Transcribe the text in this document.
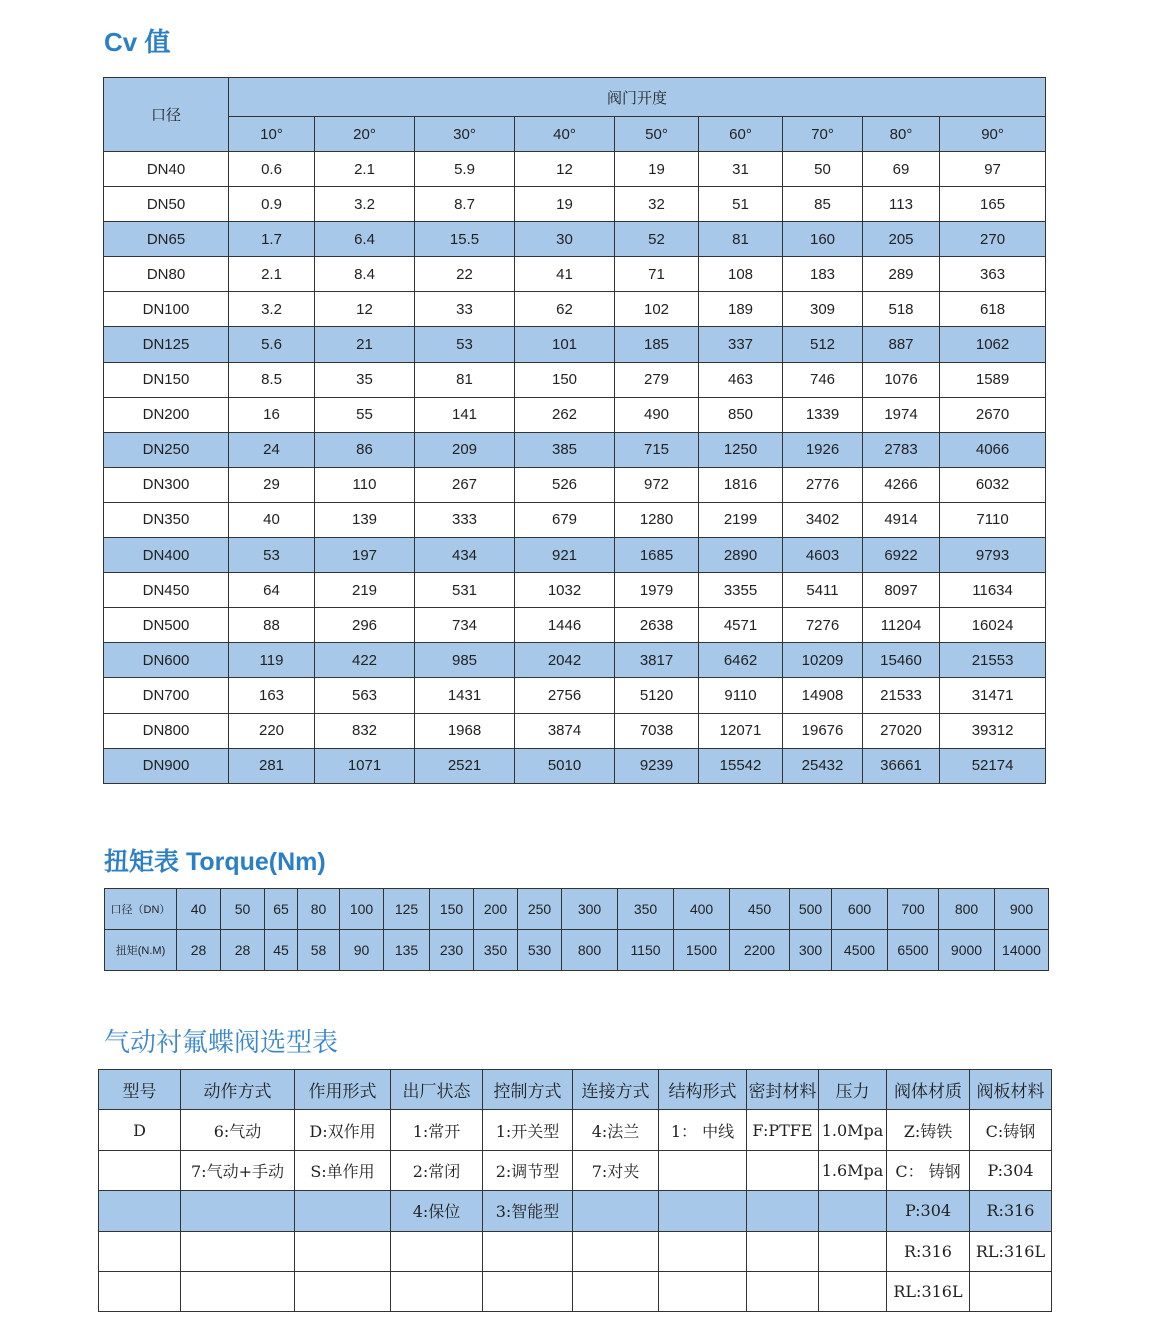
Cv 值
口径	阀门开度								
	10°	20°	30°	40°	50°	60°	70°	80°	90°
DN40	0.6	2.1	5.9	12	19	31	50	69	97
DN50	0.9	3.2	8.7	19	32	51	85	113	165
DN65	1.7	6.4	15.5	30	52	81	160	205	270
DN80	2.1	8.4	22	41	71	108	183	289	363
DN100	3.2	12	33	62	102	189	309	518	618
DN125	5.6	21	53	101	185	337	512	887	1062
DN150	8.5	35	81	150	279	463	746	1076	1589
DN200	16	55	141	262	490	850	1339	1974	2670
DN250	24	86	209	385	715	1250	1926	2783	4066
DN300	29	110	267	526	972	1816	2776	4266	6032
DN350	40	139	333	679	1280	2199	3402	4914	7110
DN400	53	197	434	921	1685	2890	4603	6922	9793
DN450	64	219	531	1032	1979	3355	5411	8097	11634
DN500	88	296	734	1446	2638	4571	7276	11204	16024
DN600	119	422	985	2042	3817	6462	10209	15460	21553
DN700	163	563	1431	2756	5120	9110	14908	21533	31471
DN800	220	832	1968	3874	7038	12071	19676	27020	39312
DN900	281	1071	2521	5010	9239	15542	25432	36661	52174
扭矩表 Torque(Nm)
口径（DN）	40	50	65	80	100	125	150	200	250	300	350	400	450	500	600	700	800	900
扭矩(N.M)	28	28	45	58	90	135	230	350	530	800	1150	1500	2200	300	4500	6500	9000	14000
气动衬氟蝶阀选型表
型号	动作方式	作用形式	出厂状态	控制方式	连接方式	结构形式	密封材料	压力	阀体材质	阀板材料
D	6:气动	D:双作用	1:常开	1:开关型	4:法兰	1： 中线	F:PTFE	1.0Mpa	Z:铸铁	C:铸钢
	7:气动+手动	S:单作用	2:常闭	2:调节型	7:对夹			1.6Mpa	C： 铸钢	P:304
			4:保位	3:智能型					P:304	R:316
									R:316	RL:316L
									RL:316L	
